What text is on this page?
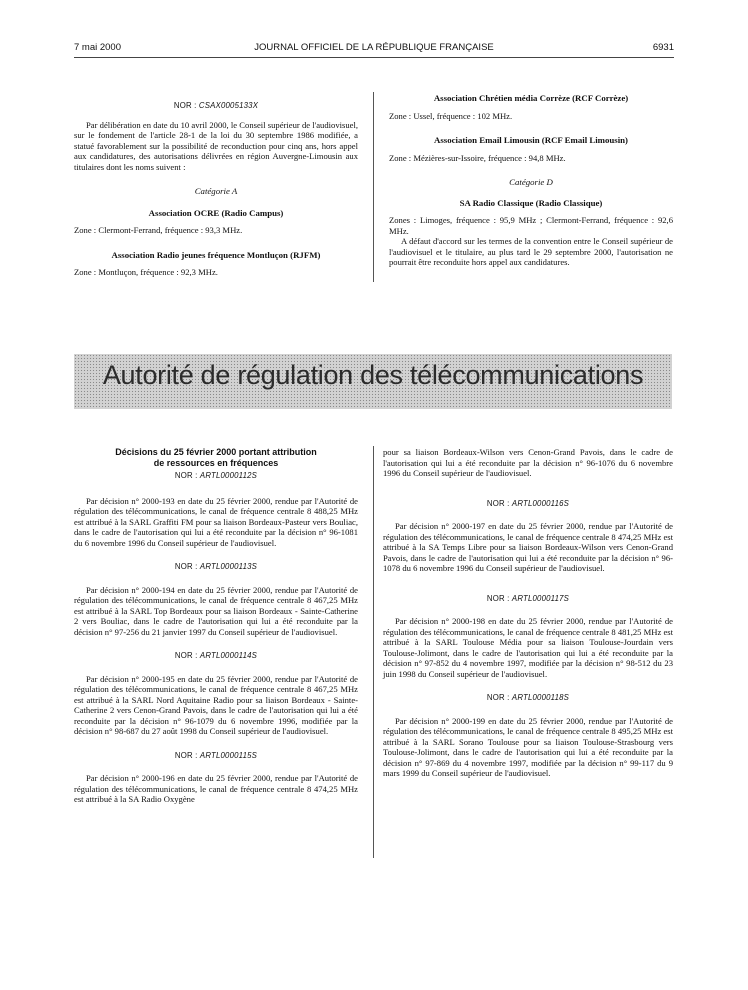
7 mai 2000	JOURNAL OFFICIEL DE LA RÉPUBLIQUE FRANÇAISE	6931
NOR : CSAX0005133X

Par délibération en date du 10 avril 2000, le Conseil supérieur de l'audiovisuel, sur le fondement de l'article 28-1 de la loi du 30 septembre 1986 modifiée, a statué favorablement sur la possibilité de reconduction pour cinq ans, hors appel aux candidatures, des autorisations délivrées en région Auvergne-Limousin aux titulaires dont les noms suivent :

Catégorie A
Association OCRE (Radio Campus)

Zone : Clermont-Ferrand, fréquence : 93,3 MHz.

Association Radio jeunes fréquence Montluçon (RJFM)

Zone : Montluçon, fréquence : 92,3 MHz.

Association Chrétien média Corrèze (RCF Corrèze)

Zone : Ussel, fréquence : 102 MHz.

Association Email Limousin (RCF Email Limousin)

Zone : Mézières-sur-Issoire, fréquence : 94,8 MHz.

Catégorie D
SA Radio Classique (Radio Classique)

Zones : Limoges, fréquence : 95,9 MHz ; Clermont-Ferrand, fréquence : 92,6 MHz.

A défaut d'accord sur les termes de la convention entre le Conseil supérieur de l'audiovisuel et le titulaire, au plus tard le 29 septembre 2000, l'autorisation ne pourrait être reconduite hors appel aux candidatures.

Autorité de régulation des télécommunications
Décisions du 25 février 2000 portant attribution
de ressources en fréquences
NOR : ARTL0000112S

Par décision n° 2000-193 en date du 25 février 2000, rendue par l'Autorité de régulation des télécommunications, le canal de fréquence centrale 8 488,25 MHz est attribué à la SARL Graffiti FM pour sa liaison Bordeaux-Pasteur vers Bouliac, dans le cadre de l'autorisation qui lui a été reconduite par la décision n° 96-1081 du 6 novembre 1996 du Conseil supérieur de l'audiovisuel.

NOR : ARTL0000113S

Par décision n° 2000-194 en date du 25 février 2000, rendue par l'Autorité de régulation des télécommunications, le canal de fréquence centrale 8 467,25 MHz est attribué à la SARL Top Bordeaux pour sa liaison Bordeaux - Sainte-Catherine 2 vers Bouliac, dans le cadre de l'autorisation qui lui a été reconduite par la décision n° 97-256 du 21 janvier 1997 du Conseil supérieur de l'audiovisuel.

NOR : ARTL0000114S

Par décision n° 2000-195 en date du 25 février 2000, rendue par l'Autorité de régulation des télécommunications, le canal de fréquence centrale 8 467,25 MHz est attribué à la SARL Nord Aquitaine Radio pour sa liaison Bordeaux - Sainte-Catherine 2 vers Cenon-Grand Pavois, dans le cadre de l'autorisation qui lui a été reconduite par la décision n° 96-1079 du 6 novembre 1996, modifiée par la décision n° 98-687 du 27 août 1998 du Conseil supérieur de l'audiovisuel.

NOR : ARTL0000115S

Par décision n° 2000-196 en date du 25 février 2000, rendue par l'Autorité de régulation des télécommunications, le canal de fréquence centrale 8 474,25 MHz est attribué à la SA Radio Oxygène

pour sa liaison Bordeaux-Wilson vers Cenon-Grand Pavois, dans le cadre de l'autorisation qui lui a été reconduite par la décision n° 96-1076 du 6 novembre 1996 du Conseil supérieur de l'audiovisuel.

NOR : ARTL0000116S

Par décision n° 2000-197 en date du 25 février 2000, rendue par l'Autorité de régulation des télécommunications, le canal de fréquence centrale 8 474,25 MHz est attribué à la SA Temps Libre pour sa liaison Bordeaux-Wilson vers Cenon-Grand Pavois, dans le cadre de l'autorisation qui lui a été reconduite par la décision n° 96-1078 du 6 novembre 1996 du Conseil supérieur de l'audiovisuel.

NOR : ARTL0000117S

Par décision n° 2000-198 en date du 25 février 2000, rendue par l'Autorité de régulation des télécommunications, le canal de fréquence centrale 8 481,25 MHz est attribué à la SARL Toulouse Média pour sa liaison Toulouse-Jourdain vers Toulouse-Jolimont, dans le cadre de l'autorisation qui lui a été reconduite par la décision n° 97-852 du 4 novembre 1997, modifiée par la décision n° 98-512 du 23 juin 1998 du Conseil supérieur de l'audiovisuel.

NOR : ARTL0000118S

Par décision n° 2000-199 en date du 25 février 2000, rendue par l'Autorité de régulation des télécommunications, le canal de fréquence centrale 8 495,25 MHz est attribué à la SARL Sorano Toulouse pour sa liaison Toulouse-Strasbourg vers Toulouse-Jolimont, dans le cadre de l'autorisation qui lui a été reconduite par la décision n° 97-869 du 4 novembre 1997, modifiée par la décision n° 99-117 du 9 mars 1999 du Conseil supérieur de l'audiovisuel.
